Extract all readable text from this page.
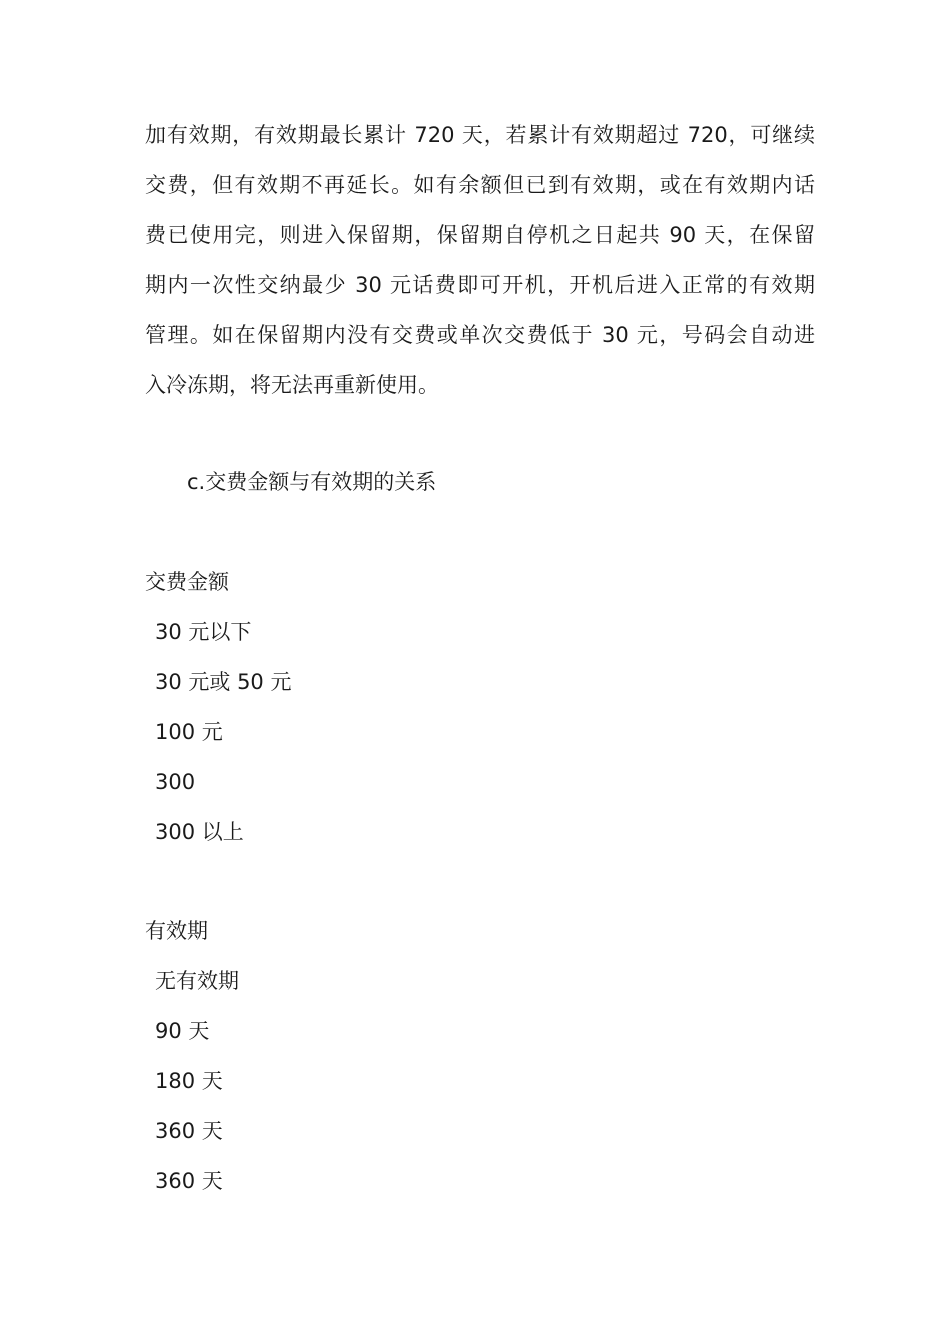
加有效期，有效期最长累计 720 天，若累计有效期超过 720，可继续
交费，但有效期不再延长。如有余额但已到有效期，或在有效期内话
费已使用完，则进入保留期，保留期自停机之日起共 90 天，在保留
期内一次性交纳最少 30 元话费即可开机，开机后进入正常的有效期
管理。如在保留期内没有交费或单次交费低于 30 元，号码会自动进
入冷冻期，将无法再重新使用。

c.交费金额与有效期的关系

交费金额

30 元以下
30 元或 50 元
100 元
300
300 以上

有效期

无有效期
90 天
180 天
360 天
360 天
